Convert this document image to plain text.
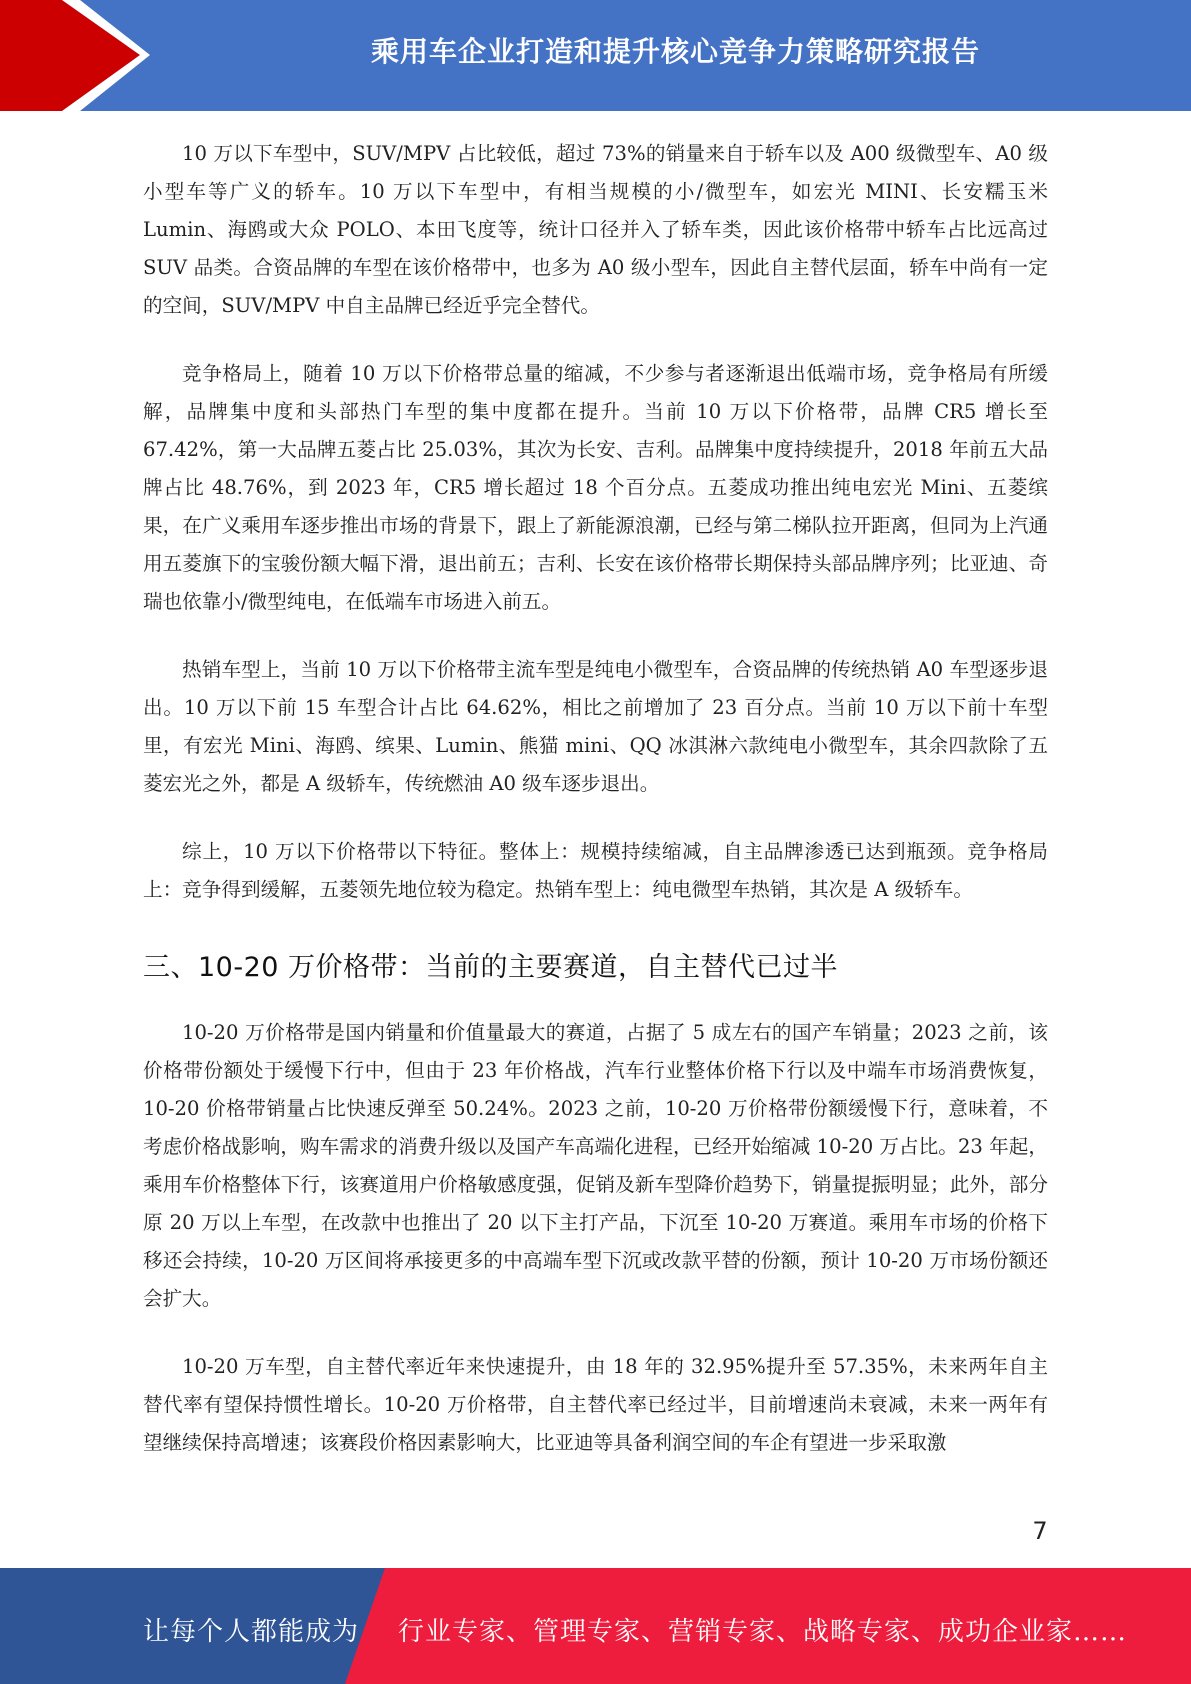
乘用车企业打造和提升核心竞争力策略研究报告

10 万以下车型中，SUV/MPV 占比较低，超过 73%的销量来自于轿车以及 A00 级微型车、A0 级小型车等广义的轿车。10 万以下车型中，有相当规模的小/微型车，如宏光 MINI、长安糯玉米 Lumin、海鸥或大众 POLO、本田飞度等，统计口径并入了轿车类，因此该价格带中轿车占比远高过 SUV 品类。合资品牌的车型在该价格带中，也多为 A0 级小型车，因此自主替代层面，轿车中尚有一定的空间，SUV/MPV 中自主品牌已经近乎完全替代。

竞争格局上，随着 10 万以下价格带总量的缩减，不少参与者逐渐退出低端市场，竞争格局有所缓解，品牌集中度和头部热门车型的集中度都在提升。当前 10 万以下价格带，品牌 CR5 增长至 67.42%，第一大品牌五菱占比 25.03%，其次为长安、吉利。品牌集中度持续提升，2018 年前五大品牌占比 48.76%，到 2023 年，CR5 增长超过 18 个百分点。五菱成功推出纯电宏光 Mini、五菱缤果，在广义乘用车逐步推出市场的背景下，跟上了新能源浪潮，已经与第二梯队拉开距离，但同为上汽通用五菱旗下的宝骏份额大幅下滑，退出前五；吉利、长安在该价格带长期保持头部品牌序列；比亚迪、奇瑞也依靠小/微型纯电，在低端车市场进入前五。

热销车型上，当前 10 万以下价格带主流车型是纯电小微型车，合资品牌的传统热销 A0 车型逐步退出。10 万以下前 15 车型合计占比 64.62%，相比之前增加了 23 百分点。当前 10 万以下前十车型里，有宏光 Mini、海鸥、缤果、Lumin、熊猫 mini、QQ 冰淇淋六款纯电小微型车，其余四款除了五菱宏光之外，都是 A 级轿车，传统燃油 A0 级车逐步退出。

综上，10 万以下价格带以下特征。整体上：规模持续缩减，自主品牌渗透已达到瓶颈。竞争格局上：竞争得到缓解，五菱领先地位较为稳定。热销车型上：纯电微型车热销，其次是 A 级轿车。

三、10-20 万价格带：当前的主要赛道，自主替代已过半

10-20 万价格带是国内销量和价值量最大的赛道，占据了 5 成左右的国产车销量；2023 之前，该价格带份额处于缓慢下行中，但由于 23 年价格战，汽车行业整体价格下行以及中端车市场消费恢复，10-20 价格带销量占比快速反弹至 50.24%。2023 之前，10-20 万价格带份额缓慢下行，意味着，不考虑价格战影响，购车需求的消费升级以及国产车高端化进程，已经开始缩减 10-20 万占比。23 年起，乘用车价格整体下行，该赛道用户价格敏感度强，促销及新车型降价趋势下，销量提振明显；此外，部分原 20 万以上车型，在改款中也推出了 20 以下主打产品，下沉至 10-20 万赛道。乘用车市场的价格下移还会持续，10-20 万区间将承接更多的中高端车型下沉或改款平替的份额，预计 10-20 万市场份额还会扩大。

10-20 万车型，自主替代率近年来快速提升，由 18 年的 32.95%提升至 57.35%，未来两年自主替代率有望保持惯性增长。10-20 万价格带，自主替代率已经过半，目前增速尚未衰减，未来一两年有望继续保持高增速；该赛段价格因素影响大，比亚迪等具备利润空间的车企有望进一步采取激

7
让每个人都能成为 行业专家、管理专家、营销专家、战略专家、成功企业家……
